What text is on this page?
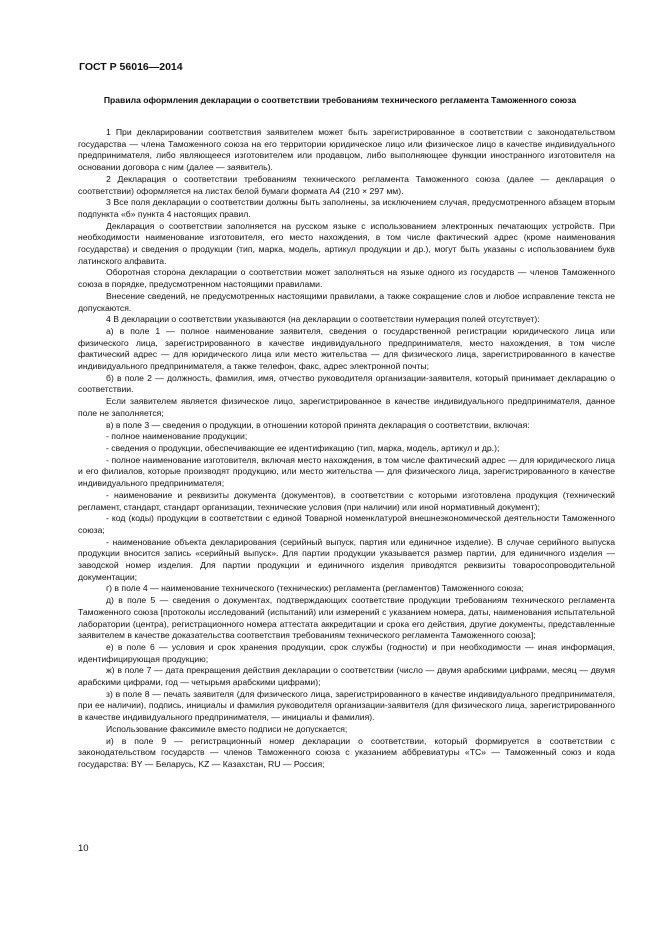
ГОСТ Р 56016—2014
Правила оформления декларации о соответствии требованиям технического регламента Таможенного союза

1 При декларировании соответствия заявителем может быть зарегистрированное в соответствии с законодательством государства — члена Таможенного союза на его территории юридическое лицо или физическое лицо в качестве индивидуального предпринимателя, либо являющееся изготовителем или продавцом, либо выполняющее функции иностранного изготовителя на основании договора с ним (далее — заявитель).

2 Декларация о соответствии требованиям технического регламента Таможенного союза (далее — декларация о соответствии) оформляется на листах белой бумаги формата А4 (210 × 297 мм).

3 Все поля декларации о соответствии должны быть заполнены, за исключением случая, предусмотренного абзацем вторым подпункта «б» пункта 4 настоящих правил.

Декларация о соответствии заполняется на русском языке с использованием электронных печатающих устройств. При необходимости наименование изготовителя, его место нахождения, в том числе фактический адрес (кроме наименования государства) и сведения о продукции (тип, марка, модель, артикул продукции и др.), могут быть указаны с использованием букв латинского алфавита.

Оборотная сторона декларации о соответствии может заполняться на языке одного из государств — членов Таможенного союза в порядке, предусмотренном настоящими правилами.

Внесение сведений, не предусмотренных настоящими правилами, а также сокращение слов и любое исправление текста не допускаются.

4 В декларации о соответствии указываются (на декларации о соответствии нумерация полей отсутствует):

а) в поле 1 — полное наименование заявителя, сведения о государственной регистрации юридического лица или физического лица, зарегистрированного в качестве индивидуального предпринимателя, место нахождения, в том числе фактический адрес — для юридического лица или место жительства — для физического лица, зарегистрированного в качестве индивидуального предпринимателя, а также телефон, факс, адрес электронной почты;

б) в поле 2 — должность, фамилия, имя, отчество руководителя организации-заявителя, который принимает декларацию о соответствии.

Если заявителем является физическое лицо, зарегистрированное в качестве индивидуального предпринимателя, данное поле не заполняется;

в) в поле 3 — сведения о продукции, в отношении которой принята декларация о соответствии, включая:

- полное наименование продукции;

- сведения о продукции, обеспечивающие ее идентификацию (тип, марка, модель, артикул и др.);

- полное наименование изготовителя, включая место нахождения, в том числе фактический адрес — для юридического лица и его филиалов, которые производят продукцию, или место жительства — для физического лица, зарегистрированного в качестве индивидуального предпринимателя;

- наименование и реквизиты документа (документов), в соответствии с которыми изготовлена продукция (технический регламент, стандарт, стандарт организации, технические условия (при наличии) или иной нормативный документ);

- код (коды) продукции в соответствии с единой Товарной номенклатурой внешнеэкономической деятельности Таможенного союза;

- наименование объекта декларирования (серийный выпуск, партия или единичное изделие). В случае серийного выпуска продукции вносится запись «серийный выпуск». Для партии продукции указывается размер партии, для единичного изделия — заводской номер изделия. Для партии продукции и единичного изделия приводятся реквизиты товаросопроводительной документации;

г) в поле 4 — наименование технического (технических) регламента (регламентов) Таможенного союза;

д) в поле 5 — сведения о документах, подтверждающих соответствие продукции требованиям технического регламента Таможенного союза [протоколы исследований (испытаний) или измерений с указанием номера, даты, наименования испытательной лаборатории (центра), регистрационного номера аттестата аккредитации и срока его действия, другие документы, представленные заявителем в качестве доказательства соответствия требованиям технического регламента Таможенного союза];

е) в поле 6 — условия и срок хранения продукции, срок службы (годности) и при необходимости — иная информация, идентифицирующая продукцию;

ж) в поле 7 — дата прекращения действия декларации о соответствии (число — двумя арабскими цифрами, месяц — двумя арабскими цифрами, год — четырьмя арабскими цифрами);

з) в поле 8 — печать заявителя (для физического лица, зарегистрированного в качестве индивидуального предпринимателя, при ее наличии), подпись, инициалы и фамилия руководителя организации-заявителя (для физического лица, зарегистрированного в качестве индивидуального предпринимателя, — инициалы и фамилия).

Использование факсимиле вместо подписи не допускается;

и) в поле 9 — регистрационный номер декларации о соответствии, который формируется в соответствии с законодательством государств — членов Таможенного союза с указанием аббревиатуры «ТС» — Таможенный союз и кода государства: BY — Беларусь, KZ — Казахстан, RU — Россия;

10
